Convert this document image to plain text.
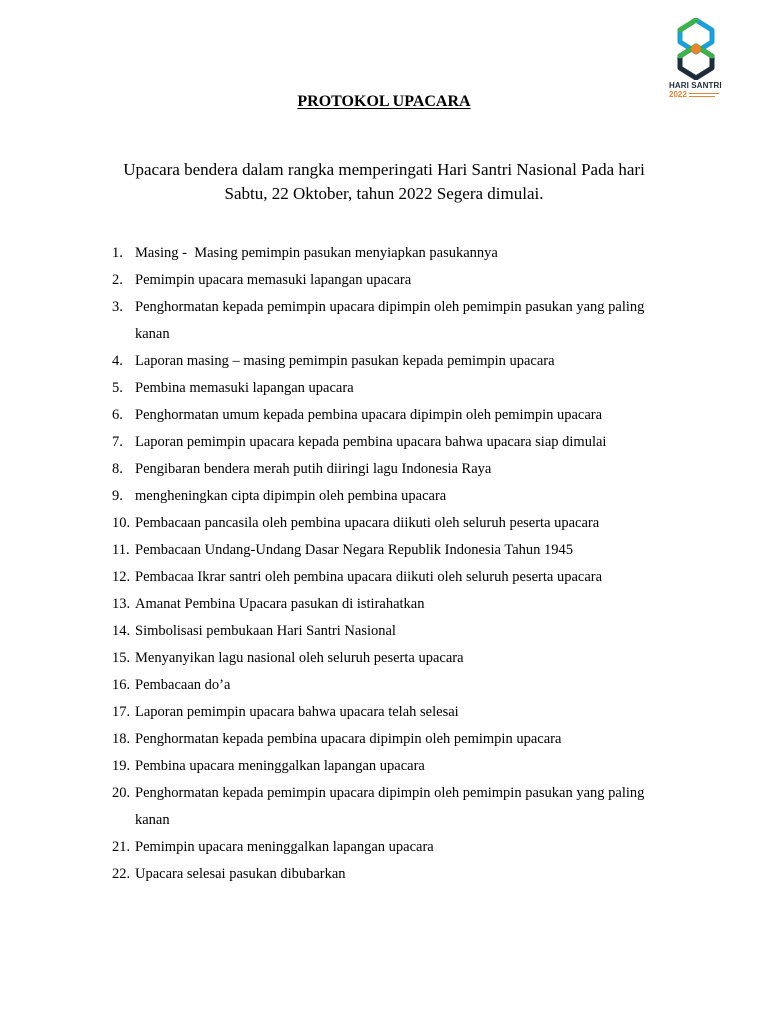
HARI SANTRI
2022
PROTOKOL UPACARA
Upacara bendera dalam rangka memperingati Hari Santri Nasional Pada hari Sabtu, 22 Oktober, tahun 2022 Segera dimulai.
1. Masing -  Masing pemimpin pasukan menyiapkan pasukannya
2. Pemimpin upacara memasuki lapangan upacara
3. Penghormatan kepada pemimpin upacara dipimpin oleh pemimpin pasukan yang paling kanan
4. Laporan masing – masing pemimpin pasukan kepada pemimpin upacara
5. Pembina memasuki lapangan upacara
6. Penghormatan umum kepada pembina upacara dipimpin oleh pemimpin upacara
7. Laporan pemimpin upacara kepada pembina upacara bahwa upacara siap dimulai
8. Pengibaran bendera merah putih diiringi lagu Indonesia Raya
9. mengheningkan cipta dipimpin oleh pembina upacara
10. Pembacaan pancasila oleh pembina upacara diikuti oleh seluruh peserta upacara
11. Pembacaan Undang-Undang Dasar Negara Republik Indonesia Tahun 1945
12. Pembacaa Ikrar santri oleh pembina upacara diikuti oleh seluruh peserta upacara
13. Amanat Pembina Upacara pasukan di istirahatkan
14. Simbolisasi pembukaan Hari Santri Nasional
15. Menyanyikan lagu nasional oleh seluruh peserta upacara
16. Pembacaan do’a
17. Laporan pemimpin upacara bahwa upacara telah selesai
18. Penghormatan kepada pembina upacara dipimpin oleh pemimpin upacara
19. Pembina upacara meninggalkan lapangan upacara
20. Penghormatan kepada pemimpin upacara dipimpin oleh pemimpin pasukan yang paling kanan
21. Pemimpin upacara meninggalkan lapangan upacara
22. Upacara selesai pasukan dibubarkan
